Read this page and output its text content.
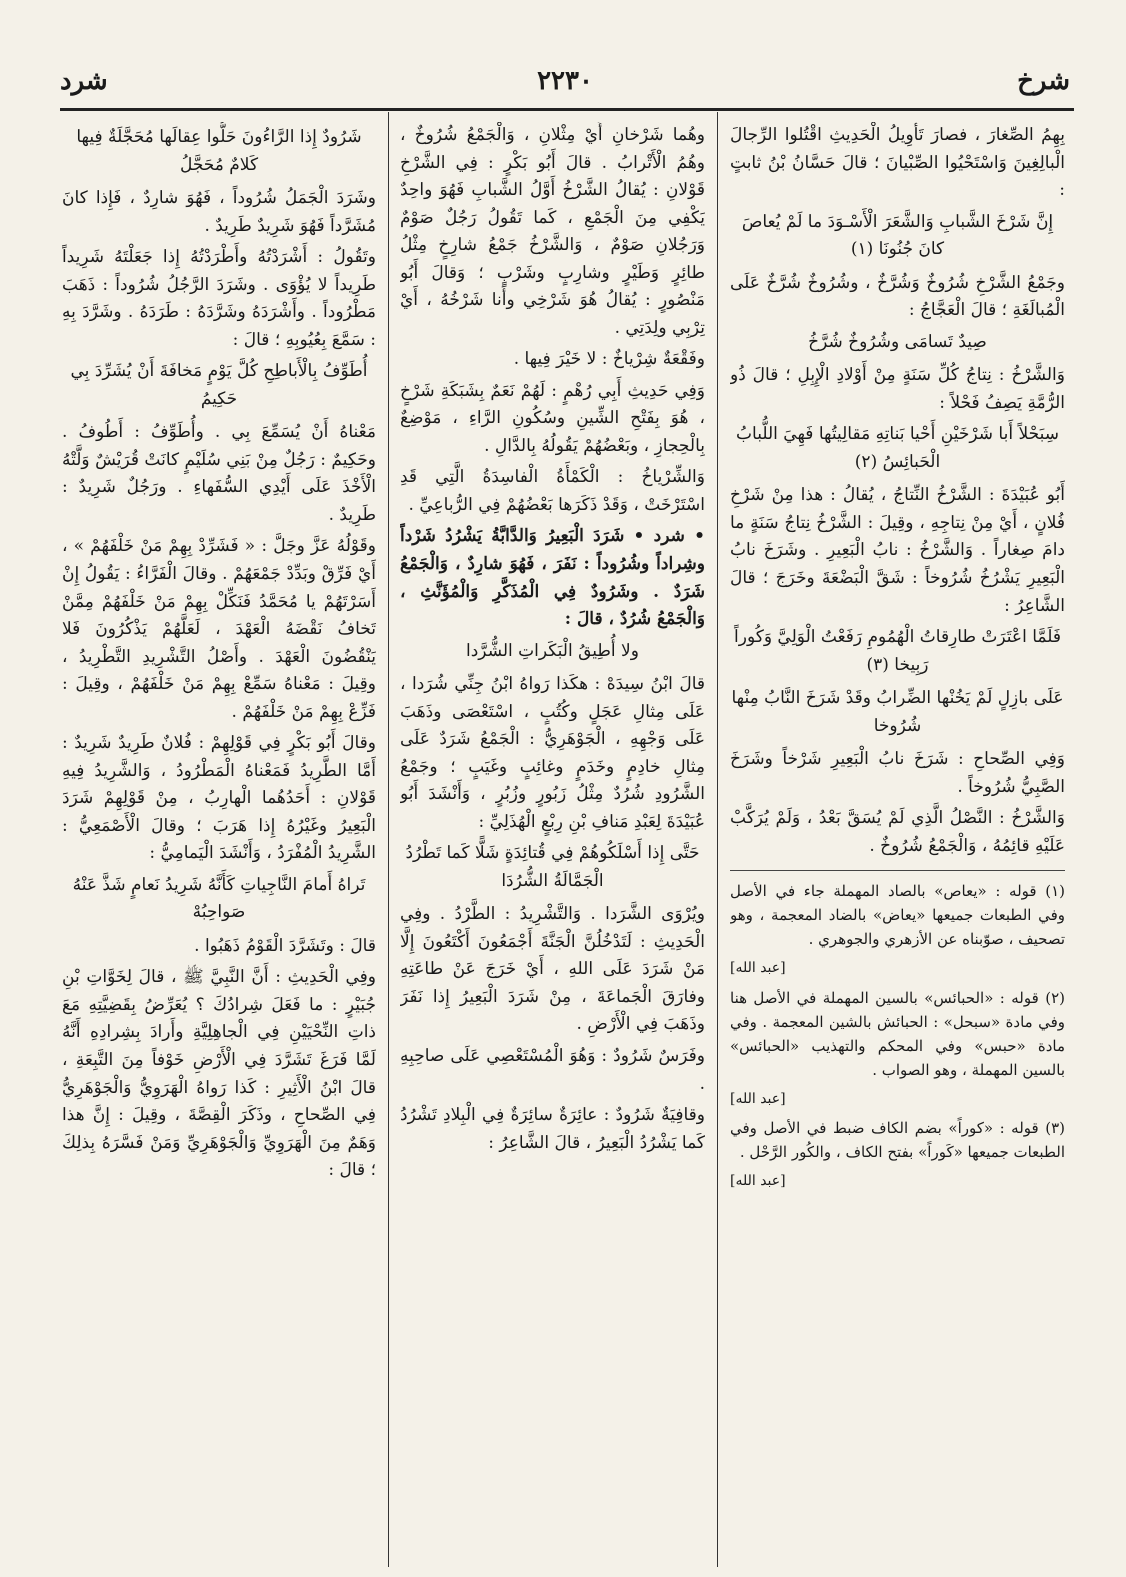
شرخ
٢٢٣٠
شرد

بِهِمُ الصِّغارَ ، فصارَ تَأْوِيلُ الْحَدِيثِ اقْتُلوا الرِّجالَ الْبالِغِينَ وَاسْتَحْيُوا الصِّبْيانَ ؛ قالَ حَسَّانُ بْنُ ثابتٍ :

إِنَّ شَرْخَ الشَّبابِ وَالشَّعَرَ الْأَسْـوَدَ ما لَمْ يُعاصَ كانَ جُنُونَا (١)

وجَمْعُ الشَّرْخِ شُرُوخٌ وَشُرَّخٌ ، وشُرُوخٌ شُرَّخٌ عَلَى الْمُبالَغَةِ ؛ قالَ الْعَجَّاجُ :

صِيدٌ تَسامَى وشُرُوخٌ شُرَّخُ

وَالشَّرْخُ : نِتاجُ كُلِّ سَنَةٍ مِنْ أَوْلادِ الْإِبِلِ ؛ قالَ ذُو الرُّمَّةِ يَصِفُ فَحْلاً :

سِبَحْلاً أَبا شَرْخَيْنِ أَحْيا بَناتِهِ مَقالِيتُها فَهِيَ اللُّبابُ الْحَبائِسُ (٢)

أَبُو عُبَيْدَةَ : الشَّرْخُ النِّتاجُ ، يُقالُ : هذا مِنْ شَرْخِ فُلانٍ ، أَيْ مِنْ نِتاجِهِ ، وقِيلَ : الشَّرْخُ نِتاجُ سَنَةٍ ما دامَ صِغاراً . وَالشَّرْخُ : نابُ الْبَعِيرِ . وشَرَخَ نابُ الْبَعِيرِ يَشْرُخُ شُرُوخاً : شَقَّ الْبَضْعَةَ وخَرَجَ ؛ قالَ الشَّاعِرُ :

فَلَمَّا اعْتَرَتْ طارِقاتُ الْهُمُومِ رَفَعْتُ الْوَلِيَّ وَكُوراً رَبِيخا (٣)

عَلَى بازِلٍ لَمْ يَخُنْها الضِّرابُ وقَدْ شَرَخَ النَّابُ مِنْها شُرُوخا

وَفِي الصِّحاحِ : شَرَخَ نابُ الْبَعِيرِ شَرْخاً وشَرَخَ الصَّبِيُّ شُرُوخاً .

وَالشَّرْخُ : النَّصْلُ الَّذِي لَمْ يُسَقَّ بَعْدُ ، وَلَمْ يُرَكَّبْ عَلَيْهِ قائِمُهُ ، وَالْجَمْعُ شُرُوخٌ .

(١) قوله : «يعاص» بالصاد المهملة جاء في الأصل وفي الطبعات جميعها «يعاض» بالضاد المعجمة ، وهو تصحيف ، صوّبناه عن الأزهري والجوهري .

[عبد الله]

(٢) قوله : «الحبائس» بالسين المهملة في الأصل هنا وفي مادة «سبحل» : الحبائش بالشين المعجمة . وفي مادة «حبس» وفي المحكم والتهذيب «الحبائس» بالسين المهملة ، وهو الصواب .

[عبد الله]

(٣) قوله : «كوراً» بضم الكاف ضبط في الأصل وفي الطبعات جميعها «كَوراً» بفتح الكاف ، والكُور الرَّحْل .

[عبد الله]

وهُما شَرْخانِ أَيْ مِثْلانِ ، وَالْجَمْعُ شُرُوخٌ ، وهُمُ الْأَتْرابُ . قالَ أَبُو بَكْرٍ : فِي الشَّرْخِ قَوْلانِ : يُقالُ الشَّرْخُ أَوَّلُ الشَّبابِ فَهُوَ واحِدٌ يَكْفِي مِنَ الْجَمْعِ ، كَما تَقُولُ رَجُلٌ صَوْمٌ وَرَجُلانِ صَوْمٌ ، وَالشَّرْخُ جَمْعُ شارِخٍ مِثْلُ طائِرٍ وَطَيْرٍ وشارِبٍ وشَرْبٍ ؛ وَقالَ أَبُو مَنْصُورٍ : يُقالُ هُوَ شَرْخِي وأَنا شَرْخُهُ ، أَيْ تِرْبِي ولِدَتِي .

وفَقْعَةٌ شِرْياخٌ : لا خَيْرَ فِيها .

وَفِي حَدِيثِ أَبِي رُهْمٍ : لَهُمْ نَعَمٌ بِشَبَكَةِ شَرْخٍ ، هُوَ بِفَتْحِ الشِّينِ وسُكُونِ الرَّاءِ ، مَوْضِعٌ بِالْحِجازِ ، وبَعْضُهُمْ يَقُولُهُ بِالدَّالِ .

وَالشِّرْياخُ : الْكَمْأَةُ الْفاسِدَةُ الَّتِي قَدِ اسْتَرْخَتْ ، وَقَدْ ذَكَرَها بَعْضُهُمْ فِي الرُّباعِيِّ .

• شرد • شَرَدَ الْبَعِيرُ وَالدَّابَّةُ يَشْرُدُ شَرْداً وشِراداً وشُرُوداً : نَفَرَ ، فَهُوَ شارِدٌ ، وَالْجَمْعُ شَرَدٌ . وشَرُودٌ فِي الْمُذَكَّرِ وَالْمُؤَنَّثِ ، وَالْجَمْعُ شُرُدٌ ، قالَ :

ولا أُطِيقُ الْبَكَراتِ الشُّرَّدا

قالَ ابْنُ سِيدَهْ : هكَذا رَواهُ ابْنُ جِنِّي شُرَدا ، عَلَى مِثالِ عَجَلٍ وكُتُبٍ ، اسْتَعْصَى وذَهَبَ عَلَى وَجْهِهِ ، الْجَوْهَرِيُّ : الْجَمْعُ شَرَدٌ عَلَى مِثالِ خادِمٍ وخَدَمٍ وغائِبٍ وغَيَبٍ ؛ وجَمْعُ الشَّرُودِ شُرُدٌ مِثْلُ زَبُورٍ وزُبُرٍ ، وَأَنْشَدَ أَبُو عُبَيْدَةَ لِعَبْدِ مَنافِ بْنِ رِبْعٍ الْهُذَلِيِّ :

حَتَّى إِذا أَسْلَكُوهُمْ فِي قُتائِدَةٍ شَلًّا كَما تَطْرُدُ الْجَمَّالَةُ الشُّرُدَا

ويُرْوَى الشَّرَدا . وَالتَّشْرِيدُ : الطَّرْدُ . وفِي الْحَدِيثِ : لَتَدْخُلُنَّ الْجَنَّةَ أَجْمَعُونَ أَكْتَعُونَ إِلَّا مَنْ شَرَدَ عَلَى اللهِ ، أَيْ خَرَجَ عَنْ طاعَتِهِ وفارَقَ الْجَماعَةَ ، مِنْ شَرَدَ الْبَعِيرُ إِذا نَفَرَ وذَهَبَ فِي الْأَرْضِ .

وفَرَسٌ شَرُودٌ : وَهُوَ الْمُسْتَعْصِي عَلَى صاحِبِهِ .

وقافِيَةٌ شَرُودٌ : عائِرَةٌ سائِرَةٌ فِي الْبِلادِ تَشْرُدُ كَما يَشْرُدُ الْبَعِيرُ ، قالَ الشَّاعِرُ :

شَرُودٌ إِذا الرَّاءُونَ حَلُّوا عِقالَها مُحَجَّلَةٌ فِيها كَلامٌ مُحَجَّلُ

وشَرَدَ الْجَمَلُ شُرُوداً ، فَهُوَ شارِدٌ ، فَإِذا كانَ مُشَرَّداً فَهُوَ شَرِيدٌ طَرِيدٌ .

وتَقُولُ : أَشْرَدْتُهُ وأَطْرَدْتُهُ إِذا جَعَلْتَهُ شَرِيداً طَرِيداً لا يُؤْوَى . وشَرَدَ الرَّجُلُ شُرُوداً : ذَهَبَ مَطْرُوداً . وأَشْرَدَهُ وشَرَّدَهُ : طَرَدَهُ . وشَرَّدَ بِهِ : سَمَّعَ بِعُيُوبِهِ ؛ قالَ :

أُطَوِّفُ بِالْأَباطِحِ كُلَّ يَوْمٍ مَخافَةَ أَنْ يُشَرِّدَ بِي حَكِيمُ

مَعْناهُ أَنْ يُسَمِّعَ بِي . وأُطَوِّفُ : أَطُوفُ . وحَكِيمٌ : رَجُلٌ مِنْ بَنِي سُلَيْمٍ كانَتْ قُرَيْشٌ وَلَّتْهُ الْأَخْذَ عَلَى أَيْدِي السُّفَهاءِ . ورَجُلٌ شَرِيدٌ : طَرِيدٌ .

وقَوْلُهُ عَزَّ وجَلَّ : « فَشَرِّدْ بِهِمْ مَنْ خَلْفَهُمْ » ، أَيْ فَرِّقْ وبَدِّدْ جَمْعَهُمْ . وقالَ الْفَرَّاءُ : يَقُولُ إِنْ أَسَرْتَهُمْ يا مُحَمَّدُ فَنَكِّلْ بِهِمْ مَنْ خَلْفَهُمْ مِمَّنْ تَخافُ نَقْضَهُ الْعَهْدَ ، لَعَلَّهُمْ يَذْكُرُونَ فَلا يَنْقُضُونَ الْعَهْدَ . وأَصْلُ التَّشْرِيدِ التَّطْرِيدُ ، وقِيلَ : مَعْناهُ سَمِّعْ بِهِمْ مَنْ خَلْفَهُمْ ، وقِيلَ : فَزِّعْ بِهِمْ مَنْ خَلْفَهُمْ .

وقالَ أَبُو بَكْرٍ فِي قَوْلِهِمْ : فُلانٌ طَرِيدٌ شَرِيدٌ : أَمَّا الطَّرِيدُ فَمَعْناهُ الْمَطْرُودُ ، وَالشَّرِيدُ فِيهِ قَوْلانِ : أَحَدُهُما الْهارِبُ ، مِنْ قَوْلِهِمْ شَرَدَ الْبَعِيرُ وغَيْرُهُ إِذا هَرَبَ ؛ وقالَ الْأَصْمَعِيُّ : الشَّرِيدُ الْمُفْرَدُ ، وَأَنْشَدَ الْيَمامِيُّ :

تَراهُ أَمامَ النَّاجِياتِ كَأَنَّهُ شَرِيدُ نَعامٍ شَذَّ عَنْهُ صَواحِبُهْ

قالَ : وتَشَرَّدَ الْقَوْمُ ذَهَبُوا .

وفِي الْحَدِيثِ : أَنَّ النَّبِيَّ ﷺ ، قالَ لِخَوَّاتِ بْنِ جُبَيْرٍ : ما فَعَلَ شِرادُكَ ؟ يُعَرِّضُ بِقَضِيَّتِهِ مَعَ ذاتِ النِّحْيَيْنِ فِي الْجاهِلِيَّةِ وأَرادَ بِشِرادِهِ أَنَّهُ لَمَّا فَرَغَ تَشَرَّدَ فِي الْأَرْضِ خَوْفاً مِنَ التَّبِعَةِ ، قالَ ابْنُ الْأَثِيرِ : كَذا رَواهُ الْهَرَوِيُّ وَالْجَوْهَرِيُّ فِي الصِّحاحِ ، وذَكَرَ الْقِصَّةَ ، وقِيلَ : إِنَّ هذا وَهَمٌ مِنَ الْهَرَوِيِّ وَالْجَوْهَرِيِّ وَمَنْ فَسَّرَهُ بِذلِكَ ؛ قالَ :
